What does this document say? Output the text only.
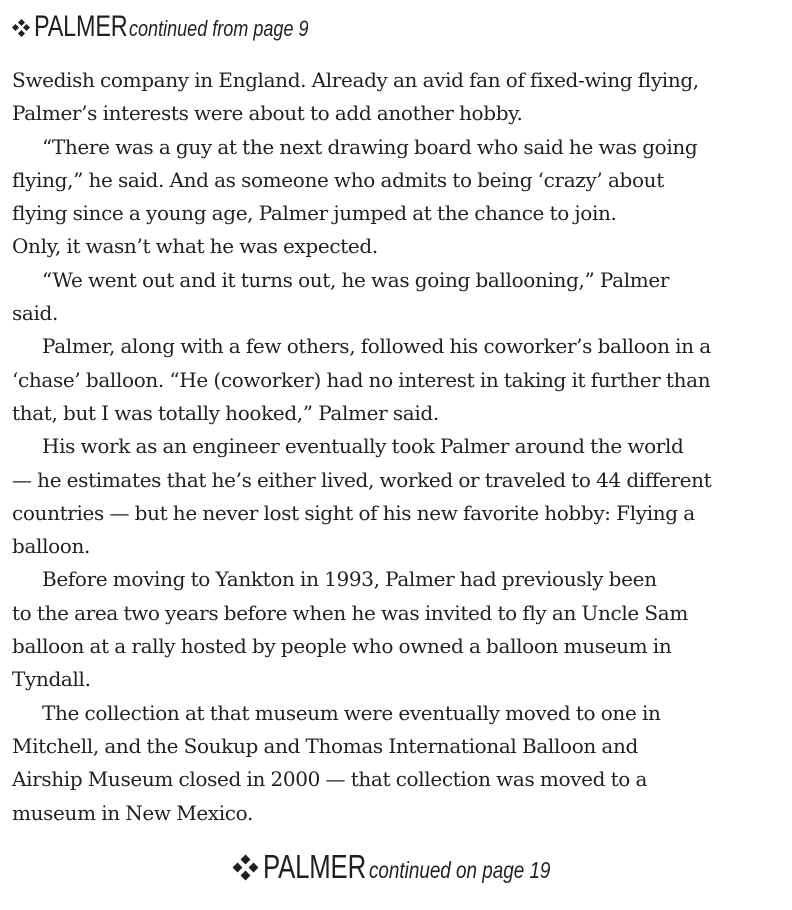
PALMERcontinued from page 9
Swedish company in England. Already an avid fan of fixed-wing flying,
Palmer’s interests were about to add another hobby.
“There was a guy at the next drawing board who said he was going
flying,” he said. And as someone who admits to being ‘crazy’ about
flying since a young age, Palmer jumped at the chance to join.
Only, it wasn’t what he was expected.
“We went out and it turns out, he was going ballooning,” Palmer
said.
Palmer, along with a few others, followed his coworker’s balloon in a
‘chase’ balloon. “He (coworker) had no interest in taking it further than
that, but I was totally hooked,” Palmer said.
His work as an engineer eventually took Palmer around the world
— he estimates that he’s either lived, worked or traveled to 44 different
countries — but he never lost sight of his new favorite hobby: Flying a
balloon.
Before moving to Yankton in 1993, Palmer had previously been
to the area two years before when he was invited to fly an Uncle Sam
balloon at a rally hosted by people who owned a balloon museum in
Tyndall.
The collection at that museum were eventually moved to one in
Mitchell, and the Soukup and Thomas International Balloon and
Airship Museum closed in 2000 — that collection was moved to a
museum in New Mexico.
PALMER continued on page 19
